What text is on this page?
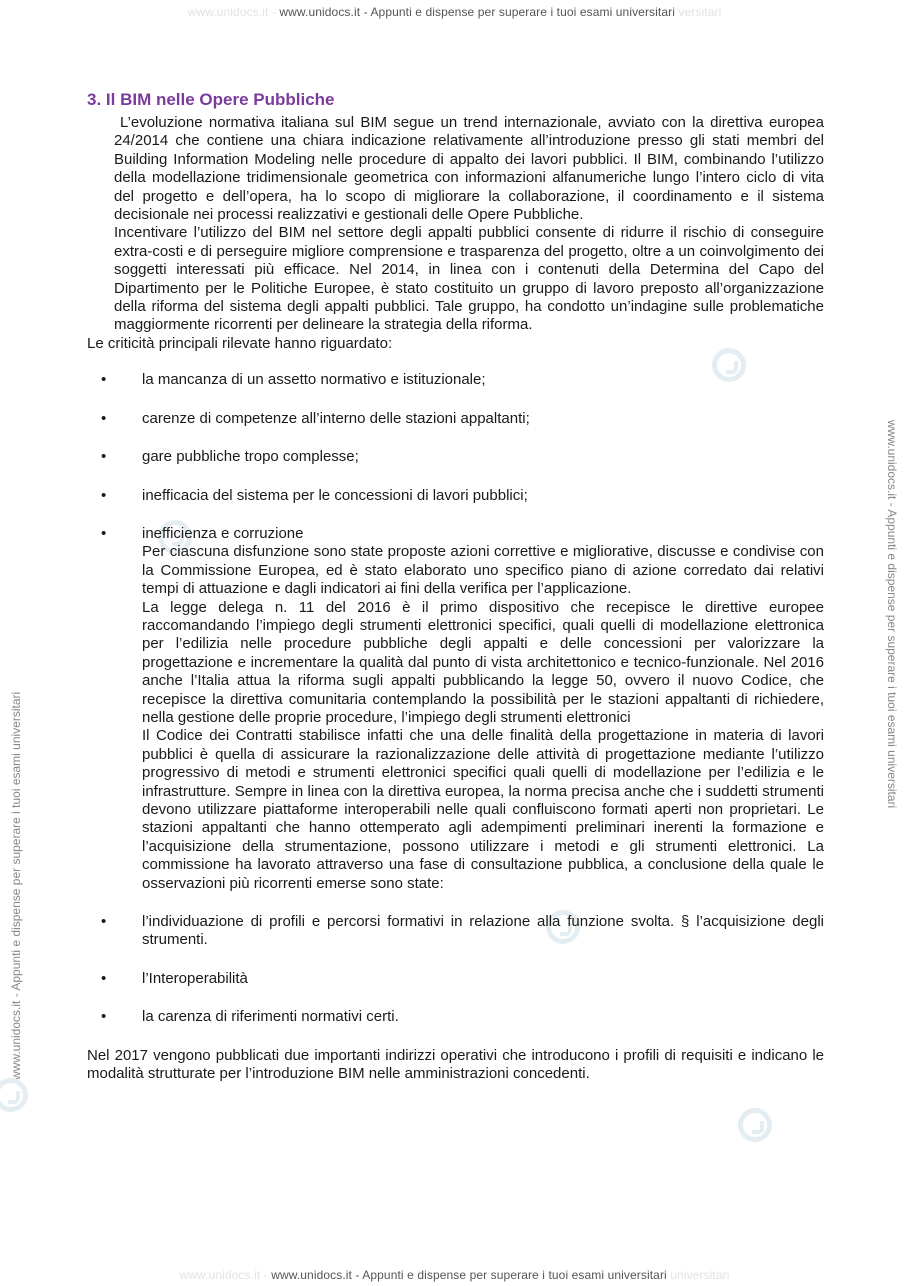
www.unidocs.it - www.unidocs.it - Appunti e dispense per superare i tuoi esami universitari versitari
www.unidocs.it - Appunti e dispense per superare i tuoi esami universitari
www.unidocs.it - Appunti e dispense per superare i tuoi esami universitari
3. Il BIM nelle Opere Pubbliche

L’evoluzione normativa italiana sul BIM segue un trend internazionale, avviato con la direttiva europea 24/2014 che contiene una chiara indicazione relativamente all’introduzione presso gli stati membri del Building Information Modeling nelle procedure di appalto dei lavori pubblici. Il BIM, combinando l’utilizzo della modellazione tridimensionale geometrica con informazioni alfanumeriche lungo l’intero ciclo di vita del progetto e dell’opera, ha lo scopo di migliorare la collaborazione, il coordinamento e il sistema decisionale nei processi realizzativi e gestionali delle Opere Pubbliche.

Incentivare l’utilizzo del BIM nel settore degli appalti pubblici consente di ridurre il rischio di conseguire extra-costi e di perseguire migliore comprensione e trasparenza del progetto, oltre a un coinvolgimento dei soggetti interessati più efficace. Nel 2014, in linea con i contenuti della Determina del Capo del Dipartimento per le Politiche Europee, è stato costituito un gruppo di lavoro preposto all’organizzazione della riforma del sistema degli appalti pubblici. Tale gruppo, ha condotto un’indagine sulle problematiche maggiormente ricorrenti per delineare la strategia della riforma.

Le criticità principali rilevate hanno riguardato:

• la mancanza di un assetto normativo e istituzionale;
• carenze di competenze all’interno delle stazioni appaltanti;
• gare pubbliche tropo complesse;
• inefficacia del sistema per le concessioni di lavori pubblici;
• inefficienza e corruzione

Per ciascuna disfunzione sono state proposte azioni correttive e migliorative, discusse e condivise con la Commissione Europea, ed è stato elaborato uno specifico piano di azione corredato dai relativi tempi di attuazione e dagli indicatori ai fini della verifica per l’applicazione.

La legge delega n. 11 del 2016 è il primo dispositivo che recepisce le direttive europee raccomandando l’impiego degli strumenti elettronici specifici, quali quelli di modellazione elettronica per l’edilizia nelle procedure pubbliche degli appalti e delle concessioni per valorizzare la progettazione e incrementare la qualità dal punto di vista architettonico e tecnico-funzionale. Nel 2016 anche l’Italia attua la riforma sugli appalti pubblicando la legge 50, ovvero il nuovo Codice, che recepisce la direttiva comunitaria contemplando la possibilità per le stazioni appaltanti di richiedere, nella gestione delle proprie procedure, l’impiego degli strumenti elettronici

Il Codice dei Contratti stabilisce infatti che una delle finalità della progettazione in materia di lavori pubblici è quella di assicurare la razionalizzazione delle attività di progettazione mediante l’utilizzo progressivo di metodi e strumenti elettronici specifici quali quelli di modellazione per l’edilizia e le infrastrutture. Sempre in linea con la direttiva europea, la norma precisa anche che i suddetti strumenti devono utilizzare piattaforme interoperabili nelle quali confluiscono formati aperti non proprietari. Le stazioni appaltanti che hanno ottemperato agli adempimenti preliminari inerenti la formazione e l’acquisizione della strumentazione, possono utilizzare i metodi e gli strumenti elettronici. La commissione ha lavorato attraverso una fase di consultazione pubblica, a conclusione della quale le osservazioni più ricorrenti emerse sono state:

• l’individuazione di profili e percorsi formativi in relazione alla funzione svolta. § l’acquisizione degli strumenti.
• l’Interoperabilità
• la carenza di riferimenti normativi certi.

Nel 2017 vengono pubblicati due importanti indirizzi operativi che introducono i profili di requisiti e indicano le modalità strutturate per l’introduzione BIM nelle amministrazioni concedenti.

www.unidocs.it - www.unidocs.it - Appunti e dispense per superare i tuoi esami universitari universitari
